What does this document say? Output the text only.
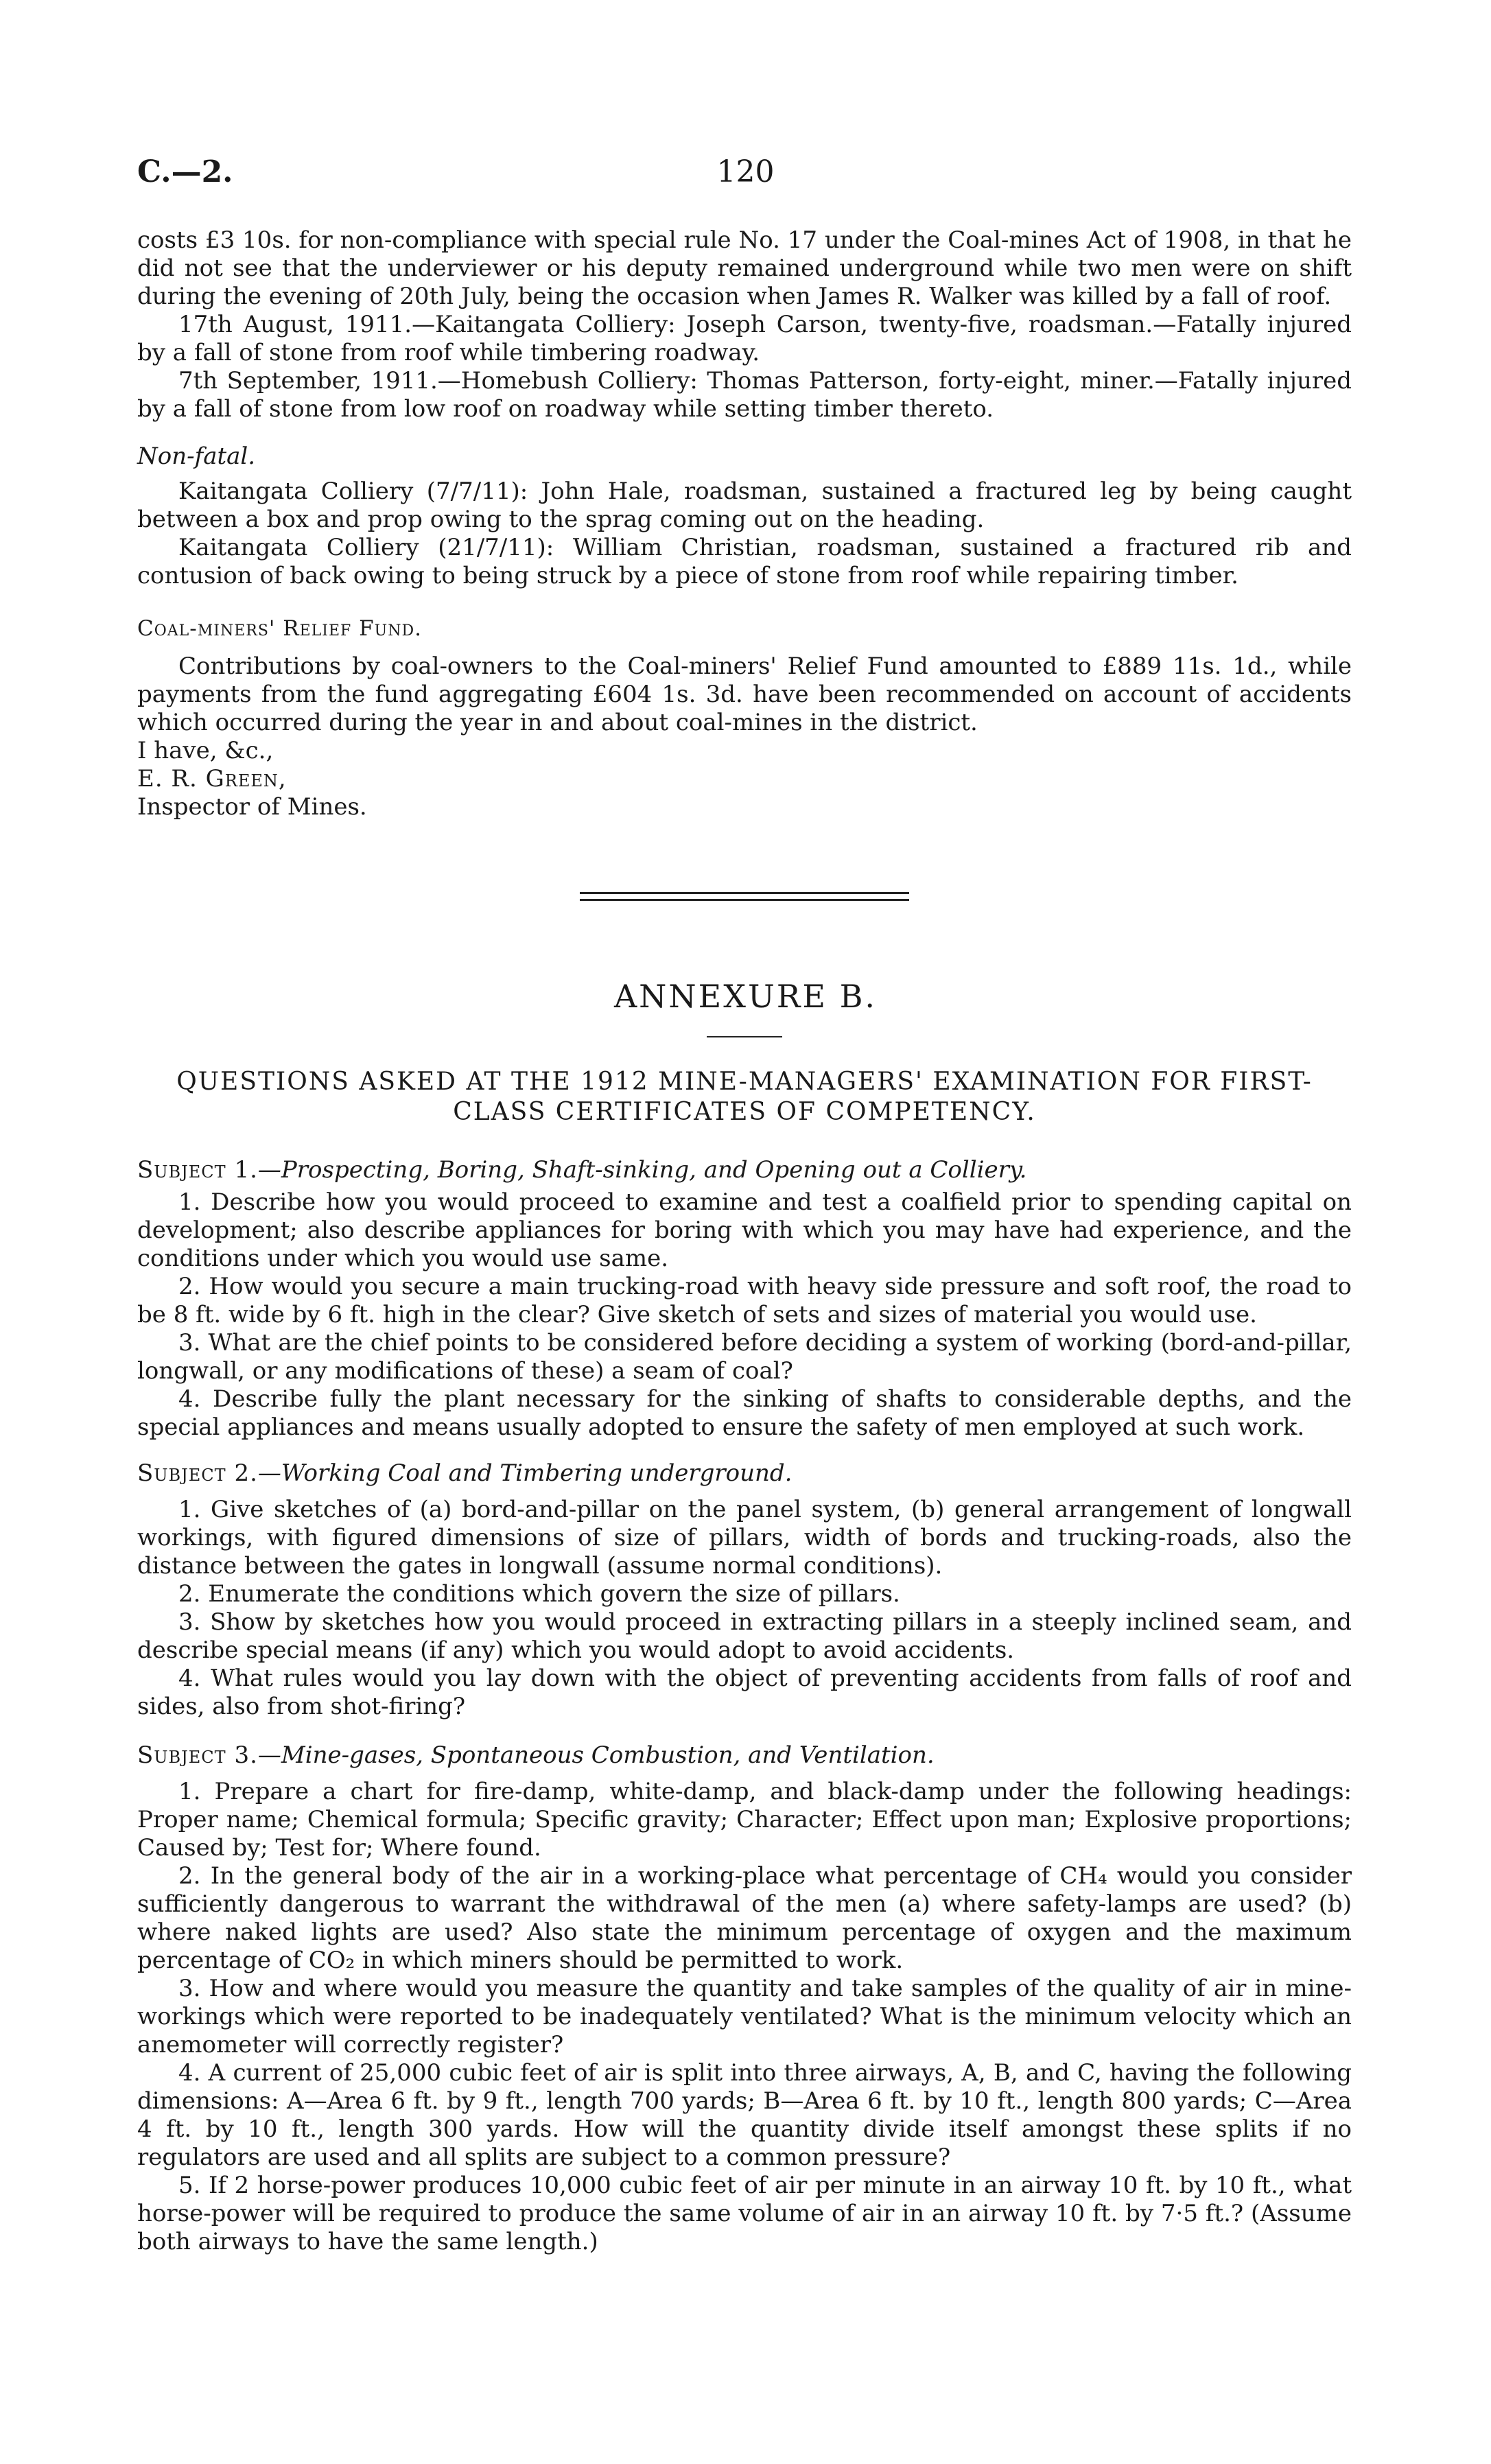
C.—2.	120

costs £3 10s. for non-compliance with special rule No. 17 under the Coal-mines Act of 1908, in that he did not see that the underviewer or his deputy remained underground while two men were on shift during the evening of 20th July, being the occasion when James R. Walker was killed by a fall of roof.

17th August, 1911.—Kaitangata Colliery: Joseph Carson, twenty-five, roadsman.—Fatally injured by a fall of stone from roof while timbering roadway.

7th September, 1911.—Homebush Colliery: Thomas Patterson, forty-eight, miner.—Fatally injured by a fall of stone from low roof on roadway while setting timber thereto.

Non-fatal.

Kaitangata Colliery (7/7/11): John Hale, roadsman, sustained a fractured leg by being caught between a box and prop owing to the sprag coming out on the heading.

Kaitangata Colliery (21/7/11): William Christian, roadsman, sustained a fractured rib and contusion of back owing to being struck by a piece of stone from roof while repairing timber.

Coal-miners' Relief Fund.

Contributions by coal-owners to the Coal-miners' Relief Fund amounted to £889 11s. 1d., while payments from the fund aggregating £604 1s. 3d. have been recommended on account of accidents which occurred during the year in and about coal-mines in the district.

I have, &c.,

E. R. Green,

Inspector of Mines.

ANNEXURE B.
QUESTIONS ASKED AT THE 1912 MINE-MANAGERS' EXAMINATION FOR FIRST-CLASS CERTIFICATES OF COMPETENCY.

Subject 1.—Prospecting, Boring, Shaft-sinking, and Opening out a Colliery.

1. Describe how you would proceed to examine and test a coalfield prior to spending capital on development; also describe appliances for boring with which you may have had experience, and the conditions under which you would use same.

2. How would you secure a main trucking-road with heavy side pressure and soft roof, the road to be 8 ft. wide by 6 ft. high in the clear? Give sketch of sets and sizes of material you would use.

3. What are the chief points to be considered before deciding a system of working (bord-and-pillar, longwall, or any modifications of these) a seam of coal?

4. Describe fully the plant necessary for the sinking of shafts to considerable depths, and the special appliances and means usually adopted to ensure the safety of men employed at such work.

Subject 2.—Working Coal and Timbering underground.

1. Give sketches of (a) bord-and-pillar on the panel system, (b) general arrangement of longwall workings, with figured dimensions of size of pillars, width of bords and trucking-roads, also the distance between the gates in longwall (assume normal conditions).

2. Enumerate the conditions which govern the size of pillars.

3. Show by sketches how you would proceed in extracting pillars in a steeply inclined seam, and describe special means (if any) which you would adopt to avoid accidents.

4. What rules would you lay down with the object of preventing accidents from falls of roof and sides, also from shot-firing?

Subject 3.—Mine-gases, Spontaneous Combustion, and Ventilation.

1. Prepare a chart for fire-damp, white-damp, and black-damp under the following headings: Proper name; Chemical formula; Specific gravity; Character; Effect upon man; Explosive proportions; Caused by; Test for; Where found.

2. In the general body of the air in a working-place what percentage of CH₄ would you consider sufficiently dangerous to warrant the withdrawal of the men (a) where safety-lamps are used? (b) where naked lights are used? Also state the minimum percentage of oxygen and the maximum percentage of CO₂ in which miners should be permitted to work.

3. How and where would you measure the quantity and take samples of the quality of air in mine-workings which were reported to be inadequately ventilated? What is the minimum velocity which an anemometer will correctly register?

4. A current of 25,000 cubic feet of air is split into three airways, A, B, and C, having the following dimensions: A—Area 6 ft. by 9 ft., length 700 yards; B—Area 6 ft. by 10 ft., length 800 yards; C—Area 4 ft. by 10 ft., length 300 yards. How will the quantity divide itself amongst these splits if no regulators are used and all splits are subject to a common pressure?

5. If 2 horse-power produces 10,000 cubic feet of air per minute in an airway 10 ft. by 10 ft., what horse-power will be required to produce the same volume of air in an airway 10 ft. by 7·5 ft.? (Assume both airways to have the same length.)
